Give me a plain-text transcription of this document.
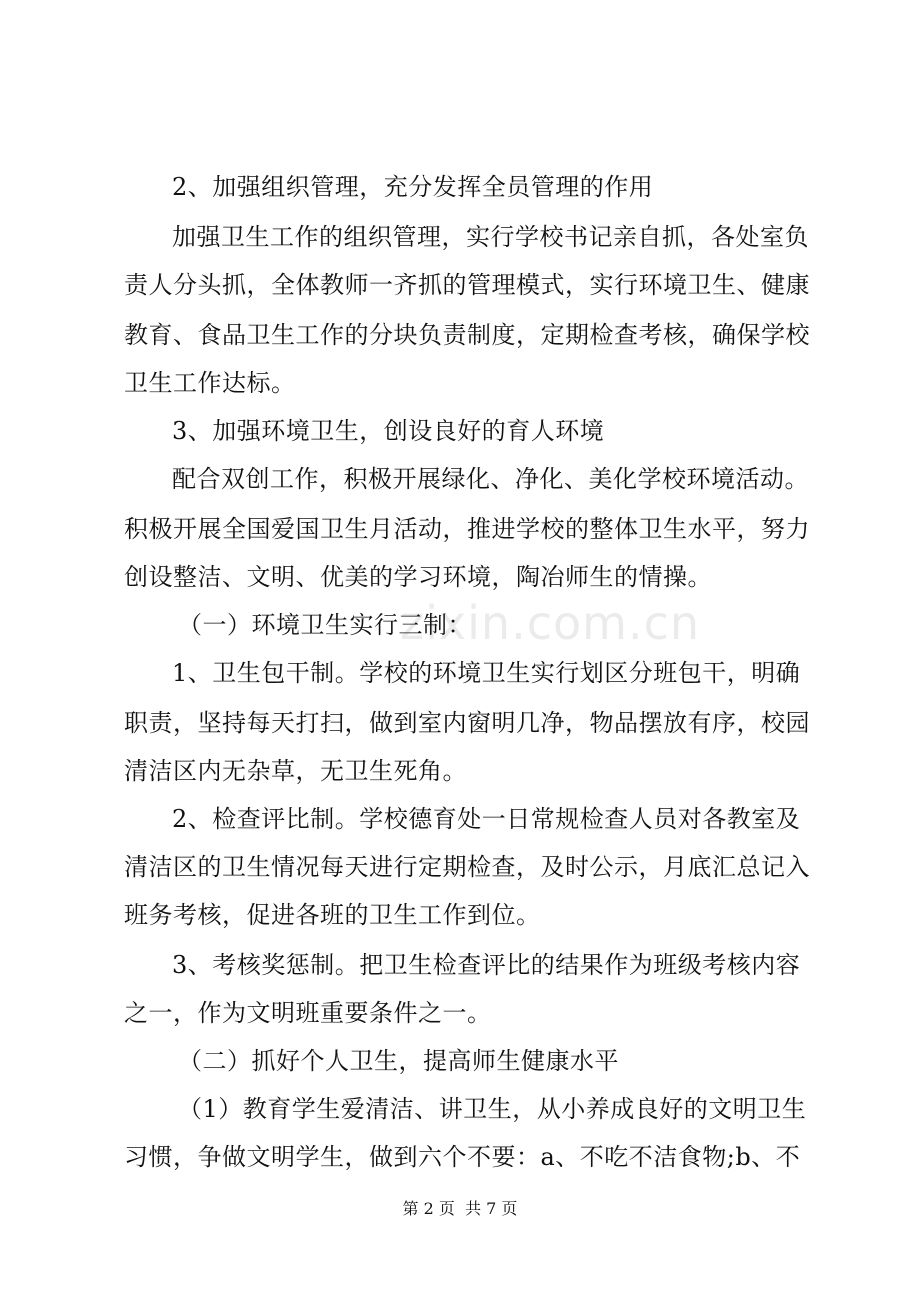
zixin.com.cn
2、加强组织管理，充分发挥全员管理的作用
加强卫生工作的组织管理，实行学校书记亲自抓，各处室负
责人分头抓，全体教师一齐抓的管理模式，实行环境卫生、健康
教育、食品卫生工作的分块负责制度，定期检查考核，确保学校
卫生工作达标。
3、加强环境卫生，创设良好的育人环境
配合双创工作，积极开展绿化、净化、美化学校环境活动。
积极开展全国爱国卫生月活动，推进学校的整体卫生水平，努力
创设整洁、文明、优美的学习环境，陶冶师生的情操。
（一）环境卫生实行三制：
1、卫生包干制。学校的环境卫生实行划区分班包干，明确
职责，坚持每天打扫，做到室内窗明几净，物品摆放有序，校园
清洁区内无杂草，无卫生死角。
2、检查评比制。学校德育处一日常规检查人员对各教室及
清洁区的卫生情况每天进行定期检查，及时公示，月底汇总记入
班务考核，促进各班的卫生工作到位。
3、考核奖惩制。把卫生检查评比的结果作为班级考核内容
之一，作为文明班重要条件之一。
（二）抓好个人卫生，提高师生健康水平
（1）教育学生爱清洁、讲卫生，从小养成良好的文明卫生
习惯，争做文明学生，做到六个不要：a、不吃不洁食物;b、不
第 2 页  共 7 页
